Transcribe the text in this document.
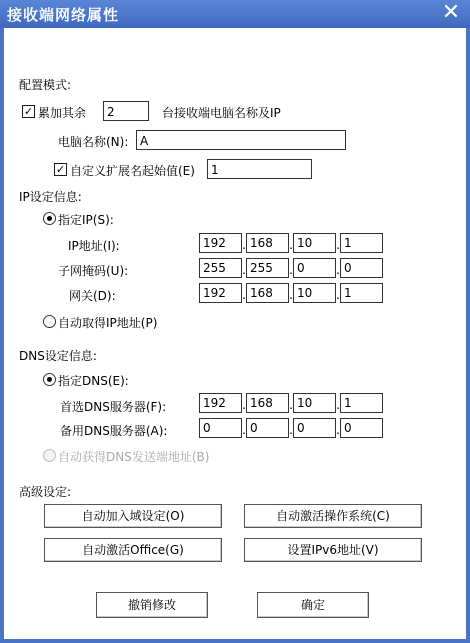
接收端网络属性	✕
配置模式:
✓ 累加其余	2	台接收端电脑名称及IP
电脑名称(N): A
✓ 自定义扩展名起始值(E)	1
IP设定信息:
指定IP(S):
IP地址(I):	192	. 168	. 10	. 1
子网掩码(U):	255	. 255	. 0	. 0
网关(D):	192	. 168	. 10	. 1
自动取得IP地址(P)
DNS设定信息:
指定DNS(E):
首选DNS服务器(F):	192	. 168	. 10	. 1
备用DNS服务器(A):	0	. 0	. 0	. 0
自动获得DNS发送端地址(B)
高级设定:
自动加入域设定(O)	自动激活操作系统(C)
自动激活Office(G)	设置IPv6地址(V)
撤销修改	确定
